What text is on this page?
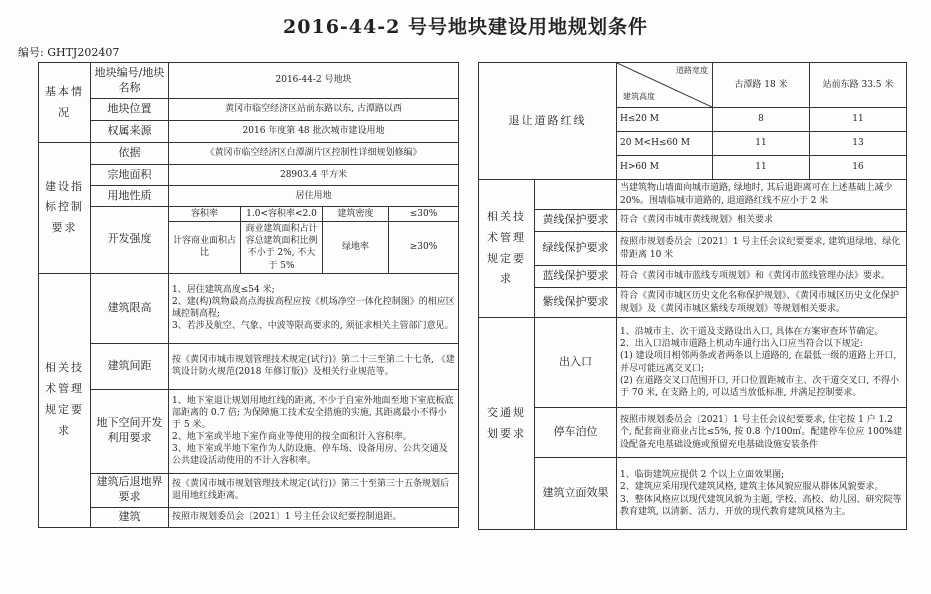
2016-44-2 号号地块建设用地规划条件
编号: GHTJ202407
基本情况	地块编号/地块名称	2016-44-2 号地块			
	地块位置	黄冈市临空经济区站前东路以东, 古潭路以西			
	权属来源	2016 年度第 48 批次城市建设用地			
建设指标控制要求	依据	《黄冈市临空经济区白潭湖片区控制性详细规划修编》			
	宗地面积	28903.4 平方米			
	用地性质	居住用地			
	开发强度	容积率	1.0<容积率<2.0	建筑密度	≤30%
		计容商业面积占比	商业建筑面积占计容总建筑面积比例不小于 2%, 不大于 5%	绿地率	≥30%
相关技术管理规定要求	建筑限高	1、居住建筑高度≤54 米;
2、建(构)筑物最高点海拔高程应按《机场净空一体化控制图》的相应区域控制高程;
3、若涉及航空、气象、中波等限高要求的, 须征求相关主管部门意见。			
	建筑间距	按《黄冈市城市规划管理技术规定(试行)》第二十三至第二十七条, 《建筑设计防火规范(2018 年修订版)》及相关行业规范等。			
	地下空间开发利用要求	1、地下室退让规划用地红线的距离, 不少于自室外地面至地下室底板底 部距离的 0.7 倍; 为保障施工技术安全措施的实施, 其距离最小不得小于 5 米。
2、地下室或半地下室作商业等使用的按全面积计入容积率。
3、地下室或半地下室作为人防设施、停车场、设备用房、公共交通及公共建设活动使用的不计入容积率。			
	建筑后退地界要求	按《黄冈市城市规划管理技术规定(试行)》第三十至第三十五条规划后退用地红线距离。			
	建筑	按照市规划委员会〔2021〕1 号主任会议纪要控制退距。			
退让道路红线		道路宽度
建筑高度	古潭路 18 米	站前东路 33.5 米
		H≤20 M	8	11
		20 M<H≤60 M	11	13
		H>60 M	11	16
相关技术管理规定要求		当建筑物山墙面向城市道路, 绿地时, 其后退距离可在上述基础上减少 20%。围墙临城市道路的, 退道路红线不应小于 2 米		
	黄线保护要求	符合《黄冈市城市黄线规划》相关要求		
	绿线保护要求	按照市规划委员会〔2021〕1 号主任会议纪要要求, 建筑退绿地、绿化带距离 10 米		
	蓝线保护要求	符合《黄冈市城市蓝线专项规划》和《黄冈市蓝线管理办法》要求。		
	紫线保护要求	符合《黄冈市城区历史文化名称保护规划》、《黄冈市城区历史文化保护规划》及《黄冈市城区紫线专项规划》等规划相关要求。		
交通规划要求	出入口	1、沿城市主、次干道及支路设出入口, 具体在方案审查环节确定。
2、出入口沿城市道路上机动车通行出入口应当符合以下规定:
(1) 建设项目相邻两条或者两条以上道路的, 在最低一级的道路上开口, 并尽可能远离交叉口;
(2) 在道路交叉口范围开口, 开口位置距城市主、次干道交叉口, 不得小于 70 米, 在支路上的, 可以适当放低标准, 并满足控制要求。		
	停车泊位	按照市规划委员会〔2021〕1 号主任会议纪要要求, 住宅按 1 户 1.2 个, 配套商业商业占比≤5%, 按 0.8 个/100㎡。配建停车位应 100%建设配备充电基础设施或预留充电基础设施安装条件		
	建筑立面效果	1、临街建筑应提供 2 个以上立面效果图;
2、建筑应采用现代建筑风格, 建筑主体风貌应服从群体风貌要求。
3、整体风格应以现代建筑风貌为主题, 学校、高校、幼儿园、研究院等教育建筑, 以清新、活力、开放的现代教育建筑风格为主。		
